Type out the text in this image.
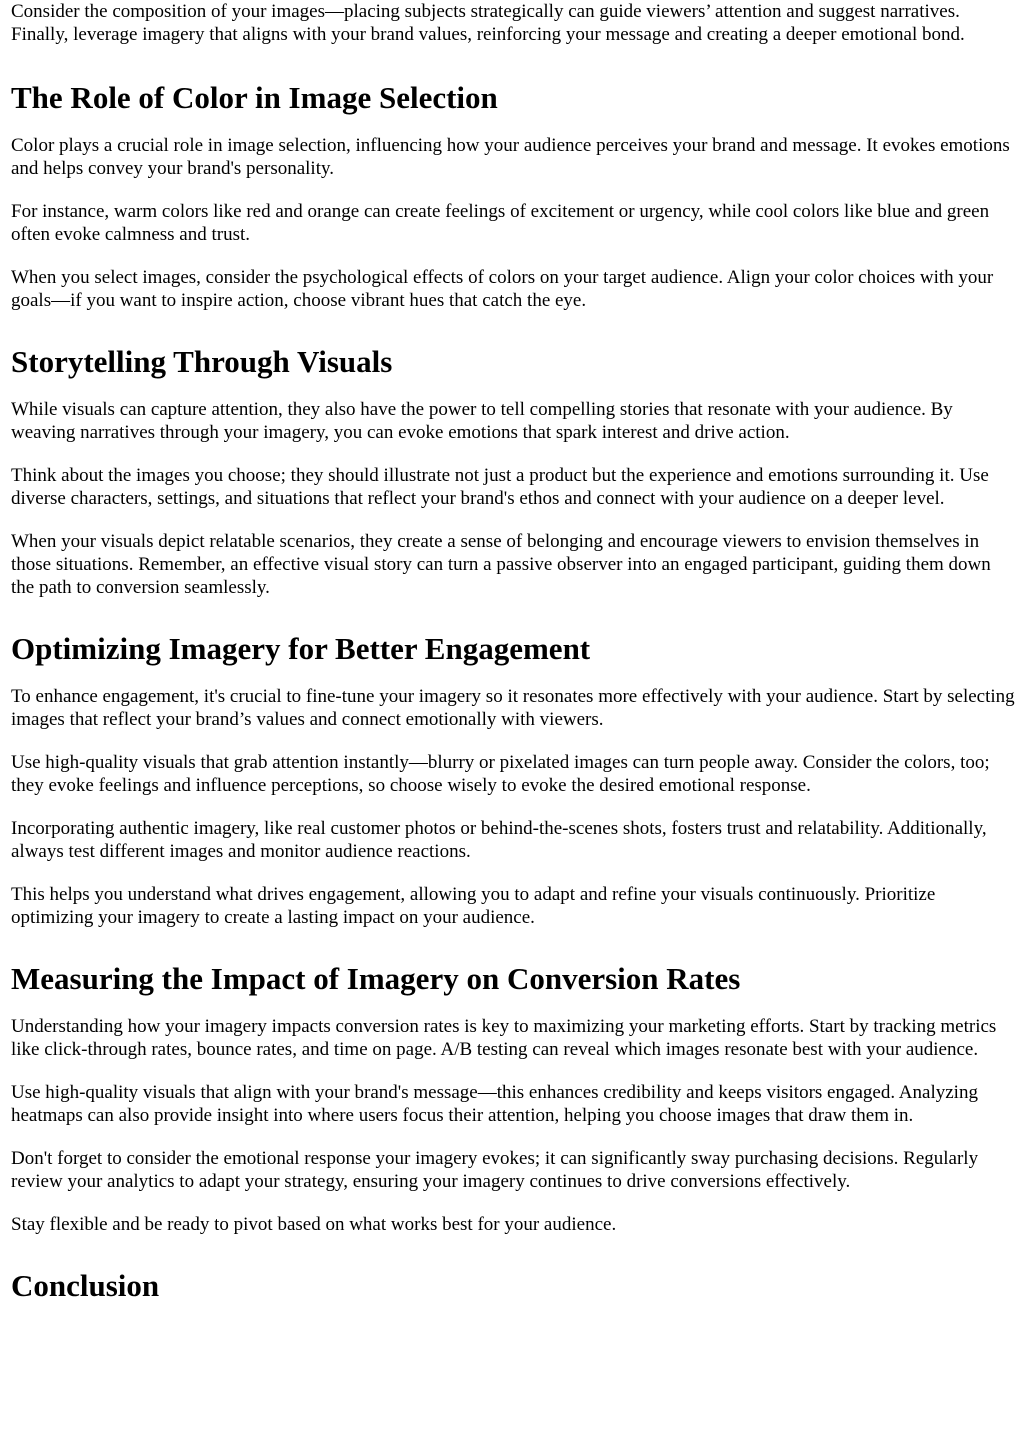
Consider the composition of your images—placing subjects strategically can guide viewers’ attention and suggest narratives. Finally, leverage imagery that aligns with your brand values, reinforcing your message and creating a deeper emotional bond.

The Role of Color in Image Selection

Color plays a crucial role in image selection, influencing how your audience perceives your brand and message. It evokes emotions and helps convey your brand's personality.

For instance, warm colors like red and orange can create feelings of excitement or urgency, while cool colors like blue and green often evoke calmness and trust.

When you select images, consider the psychological effects of colors on your target audience. Align your color choices with your goals—if you want to inspire action, choose vibrant hues that catch the eye.

Storytelling Through Visuals

While visuals can capture attention, they also have the power to tell compelling stories that resonate with your audience. By weaving narratives through your imagery, you can evoke emotions that spark interest and drive action.

Think about the images you choose; they should illustrate not just a product but the experience and emotions surrounding it. Use diverse characters, settings, and situations that reflect your brand's ethos and connect with your audience on a deeper level.

When your visuals depict relatable scenarios, they create a sense of belonging and encourage viewers to envision themselves in those situations. Remember, an effective visual story can turn a passive observer into an engaged participant, guiding them down the path to conversion seamlessly.

Optimizing Imagery for Better Engagement

To enhance engagement, it's crucial to fine-tune your imagery so it resonates more effectively with your audience. Start by selecting images that reflect your brand’s values and connect emotionally with viewers.

Use high-quality visuals that grab attention instantly—blurry or pixelated images can turn people away. Consider the colors, too; they evoke feelings and influence perceptions, so choose wisely to evoke the desired emotional response.

Incorporating authentic imagery, like real customer photos or behind-the-scenes shots, fosters trust and relatability. Additionally, always test different images and monitor audience reactions.

This helps you understand what drives engagement, allowing you to adapt and refine your visuals continuously. Prioritize optimizing your imagery to create a lasting impact on your audience.

Measuring the Impact of Imagery on Conversion Rates

Understanding how your imagery impacts conversion rates is key to maximizing your marketing efforts. Start by tracking metrics like click-through rates, bounce rates, and time on page. A/B testing can reveal which images resonate best with your audience.

Use high-quality visuals that align with your brand's message—this enhances credibility and keeps visitors engaged. Analyzing heatmaps can also provide insight into where users focus their attention, helping you choose images that draw them in.

Don't forget to consider the emotional response your imagery evokes; it can significantly sway purchasing decisions. Regularly review your analytics to adapt your strategy, ensuring your imagery continues to drive conversions effectively.

Stay flexible and be ready to pivot based on what works best for your audience.

Conclusion
